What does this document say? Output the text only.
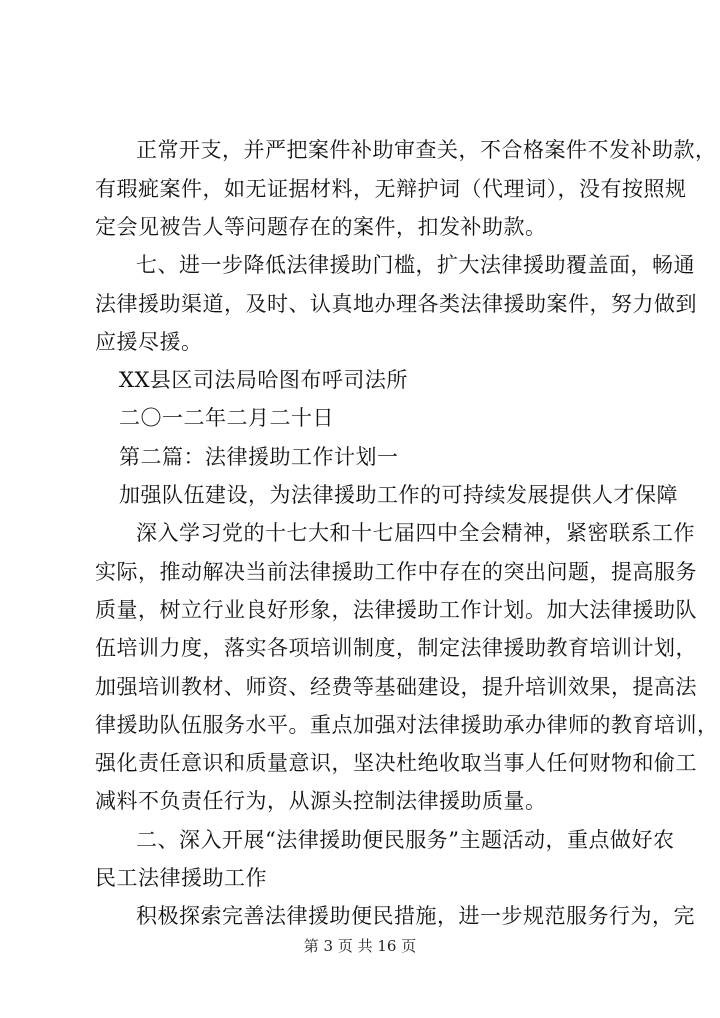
正常开支，并严把案件补助审查关，不合格案件不发补助款，
有瑕疵案件，如无证据材料，无辩护词（代理词），没有按照规
定会见被告人等问题存在的案件，扣发补助款。
七、进一步降低法律援助门槛，扩大法律援助覆盖面，畅通
法律援助渠道，及时、认真地办理各类法律援助案件，努力做到
应援尽援。
XX县区司法局哈图布呼司法所
二〇一二年二月二十日
第二篇：法律援助工作计划一
加强队伍建设，为法律援助工作的可持续发展提供人才保障
深入学习党的十七大和十七届四中全会精神，紧密联系工作
实际，推动解决当前法律援助工作中存在的突出问题，提高服务
质量，树立行业良好形象，法律援助工作计划。加大法律援助队
伍培训力度，落实各项培训制度，制定法律援助教育培训计划，
加强培训教材、师资、经费等基础建设，提升培训效果，提高法
律援助队伍服务水平。重点加强对法律援助承办律师的教育培训，
强化责任意识和质量意识，坚决杜绝收取当事人任何财物和偷工
减料不负责任行为，从源头控制法律援助质量。
二、深入开展“法律援助便民服务”主题活动，重点做好农
民工法律援助工作
积极探索完善法律援助便民措施，进一步规范服务行为，完
第 3 页 共 16 页
